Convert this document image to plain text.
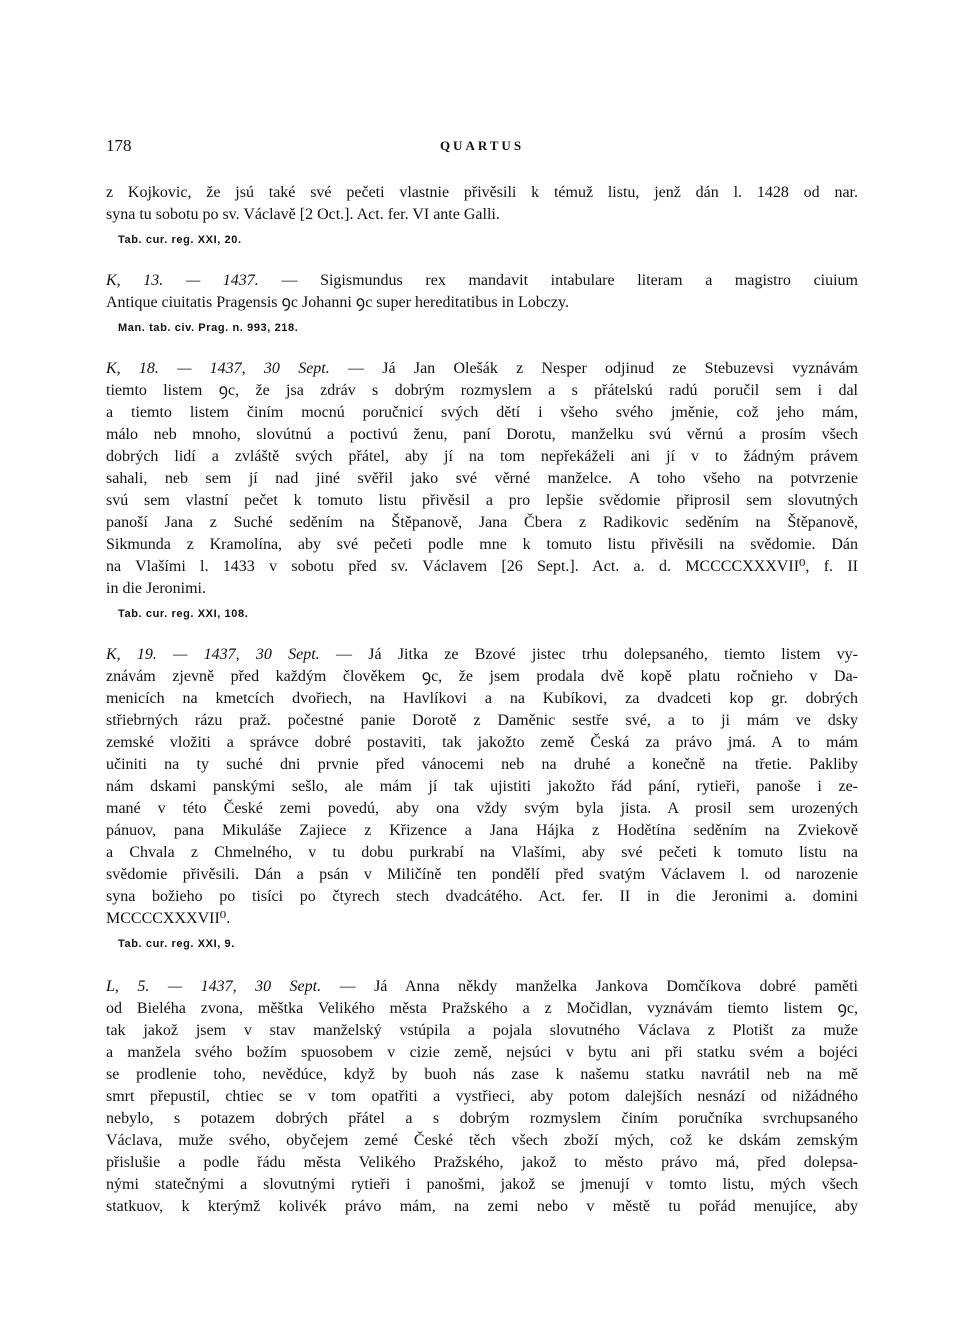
178	QUARTUS

z Kojkovic, že jsú také své pečeti vlastnie přivěsili k témuž listu, jenž dán l. 1428 od nar.
syna tu sobotu po sv. Václavě [2 Oct.]. Act. fer. VI ante Galli.

Tab. cur. reg. XXI, 20.

K, 13. — 1437. — Sigismundus rex mandavit intabulare literam a magistro ciuium
Antique ciuitatis Pragensis ꝯc Johanni ꝯc super hereditatibus in Lobczy.

Man. tab. civ. Prag. n. 993, 218.

K, 18. — 1437, 30 Sept. — Já Jan Olešák z Nesper odjinud ze Stebuzevsi vyznávám
tiemto listem ꝯc, že jsa zdráv s dobrým rozmyslem a s přátelskú radú poručil sem i dal
a tiemto listem činím mocnú poručnicí svých dětí i všeho svého jměnie, což jeho mám,
málo neb mnoho, slovútnú a poctivú ženu, paní Dorotu, manželku svú věrnú a prosím všech
dobrých lidí a zvláště svých přátel, aby jí na tom nepřekáželi ani jí v to žádným právem
sahali, neb sem jí nad jiné svěřil jako své věrné manželce. A toho všeho na potvrzenie
svú sem vlastní pečet k tomuto listu přivěsil a pro lepšie svědomie připrosil sem slovutných
panoší Jana z Suché seděním na Štěpanově, Jana Čbera z Radikovic seděním na Štěpanově,
Sikmunda z Kramolína, aby své pečeti podle mne k tomuto listu přivěsili na svědomie. Dán
na Vlašími l. 1433 v sobotu před sv. Václavem [26 Sept.]. Act. a. d. MCCCCXXXVII⁰, f. II
in die Jeronimi.

Tab. cur. reg. XXI, 108.

K, 19. — 1437, 30 Sept. — Já Jitka ze Bzové jistec trhu dolepsaného, tiemto listem vy-
znávám zjevně před každým člověkem ꝯc, že jsem prodala dvě kopě platu ročnieho v Da-
menicích na kmetcích dvořiech, na Havlíkovi a na Kubíkovi, za dvadceti kop gr. dobrých
střiebrných rázu praž. počestné panie Dorotě z Daměnic sestře své, a to ji mám ve dsky
zemské vložiti a správce dobré postaviti, tak jakožto země Česká za právo jmá. A to mám
učiniti na ty suché dni prvnie před vánocemi neb na druhé a konečně na třetie. Pakliby
nám dskami panskými sešlo, ale mám jí tak ujistiti jakožto řád pání, rytieři, panoše i ze-
mané v této České zemi povedú, aby ona vždy svým byla jista. A prosil sem urozených
pánuov, pana Mikuláše Zajiece z Křizence a Jana Hájka z Hodětína seděním na Zviekově
a Chvala z Chmelného, v tu dobu purkrabí na Vlašími, aby své pečeti k tomuto listu na
svědomie přivěsili. Dán a psán v Miličíně ten pondělí před svatým Václavem l. od narozenie
syna božieho po tisíci po čtyrech stech dvadcátého. Act. fer. II in die Jeronimi a. domini
MCCCCXXXVII⁰.

Tab. cur. reg. XXI, 9.

L, 5. — 1437, 30 Sept. — Já Anna někdy manželka Jankova Domčíkova dobré paměti
od Bieléha zvona, měštka Velikého města Pražského a z Močidlan, vyznávám tiemto listem ꝯc,
tak jakož jsem v stav manželský vstúpila a pojala slovutného Václava z Plotišt za muže
a manžela svého božím spuosobem v cizie země, nejsúci v bytu ani při statku svém a bojéci
se prodlenie toho, nevědúce, když by buoh nás zase k našemu statku navrátil neb na mě
smrt přepustil, chtiec se v tom opatřiti a vystřieci, aby potom dalejších nesnází od nižádného
nebylo, s potazem dobrých přátel a s dobrým rozmyslem činím poručníka svrchupsaného
Václava, muže svého, obyčejem zemé České těch všech zboží mých, což ke dskám zemským
přislušie a podle řádu města Velikého Pražského, jakož to město právo má, před dolepsa-
nými statečnými a slovutnými rytieři i panošmi, jakož se jmenují v tomto listu, mých všech
statkuov, k kterýmž kolivék právo mám, na zemi nebo v městě tu pořád menujíce, aby
